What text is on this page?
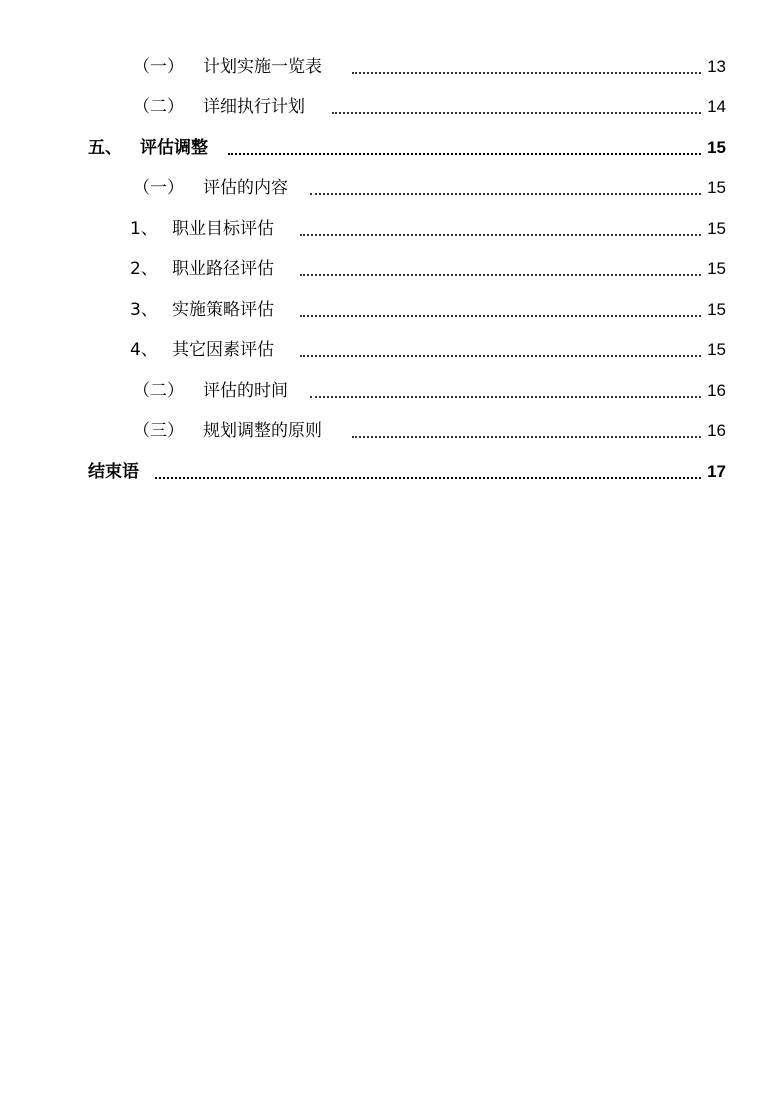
（一） 计划实施一览表	13
（二） 详细执行计划	14
五、 评估调整	15
（一） 评估的内容	15
1、 职业目标评估	15
2、 职业路径评估	15
3、 实施策略评估	15
4、 其它因素评估	15
（二） 评估的时间	16
（三） 规划调整的原则	16
结束语	17
